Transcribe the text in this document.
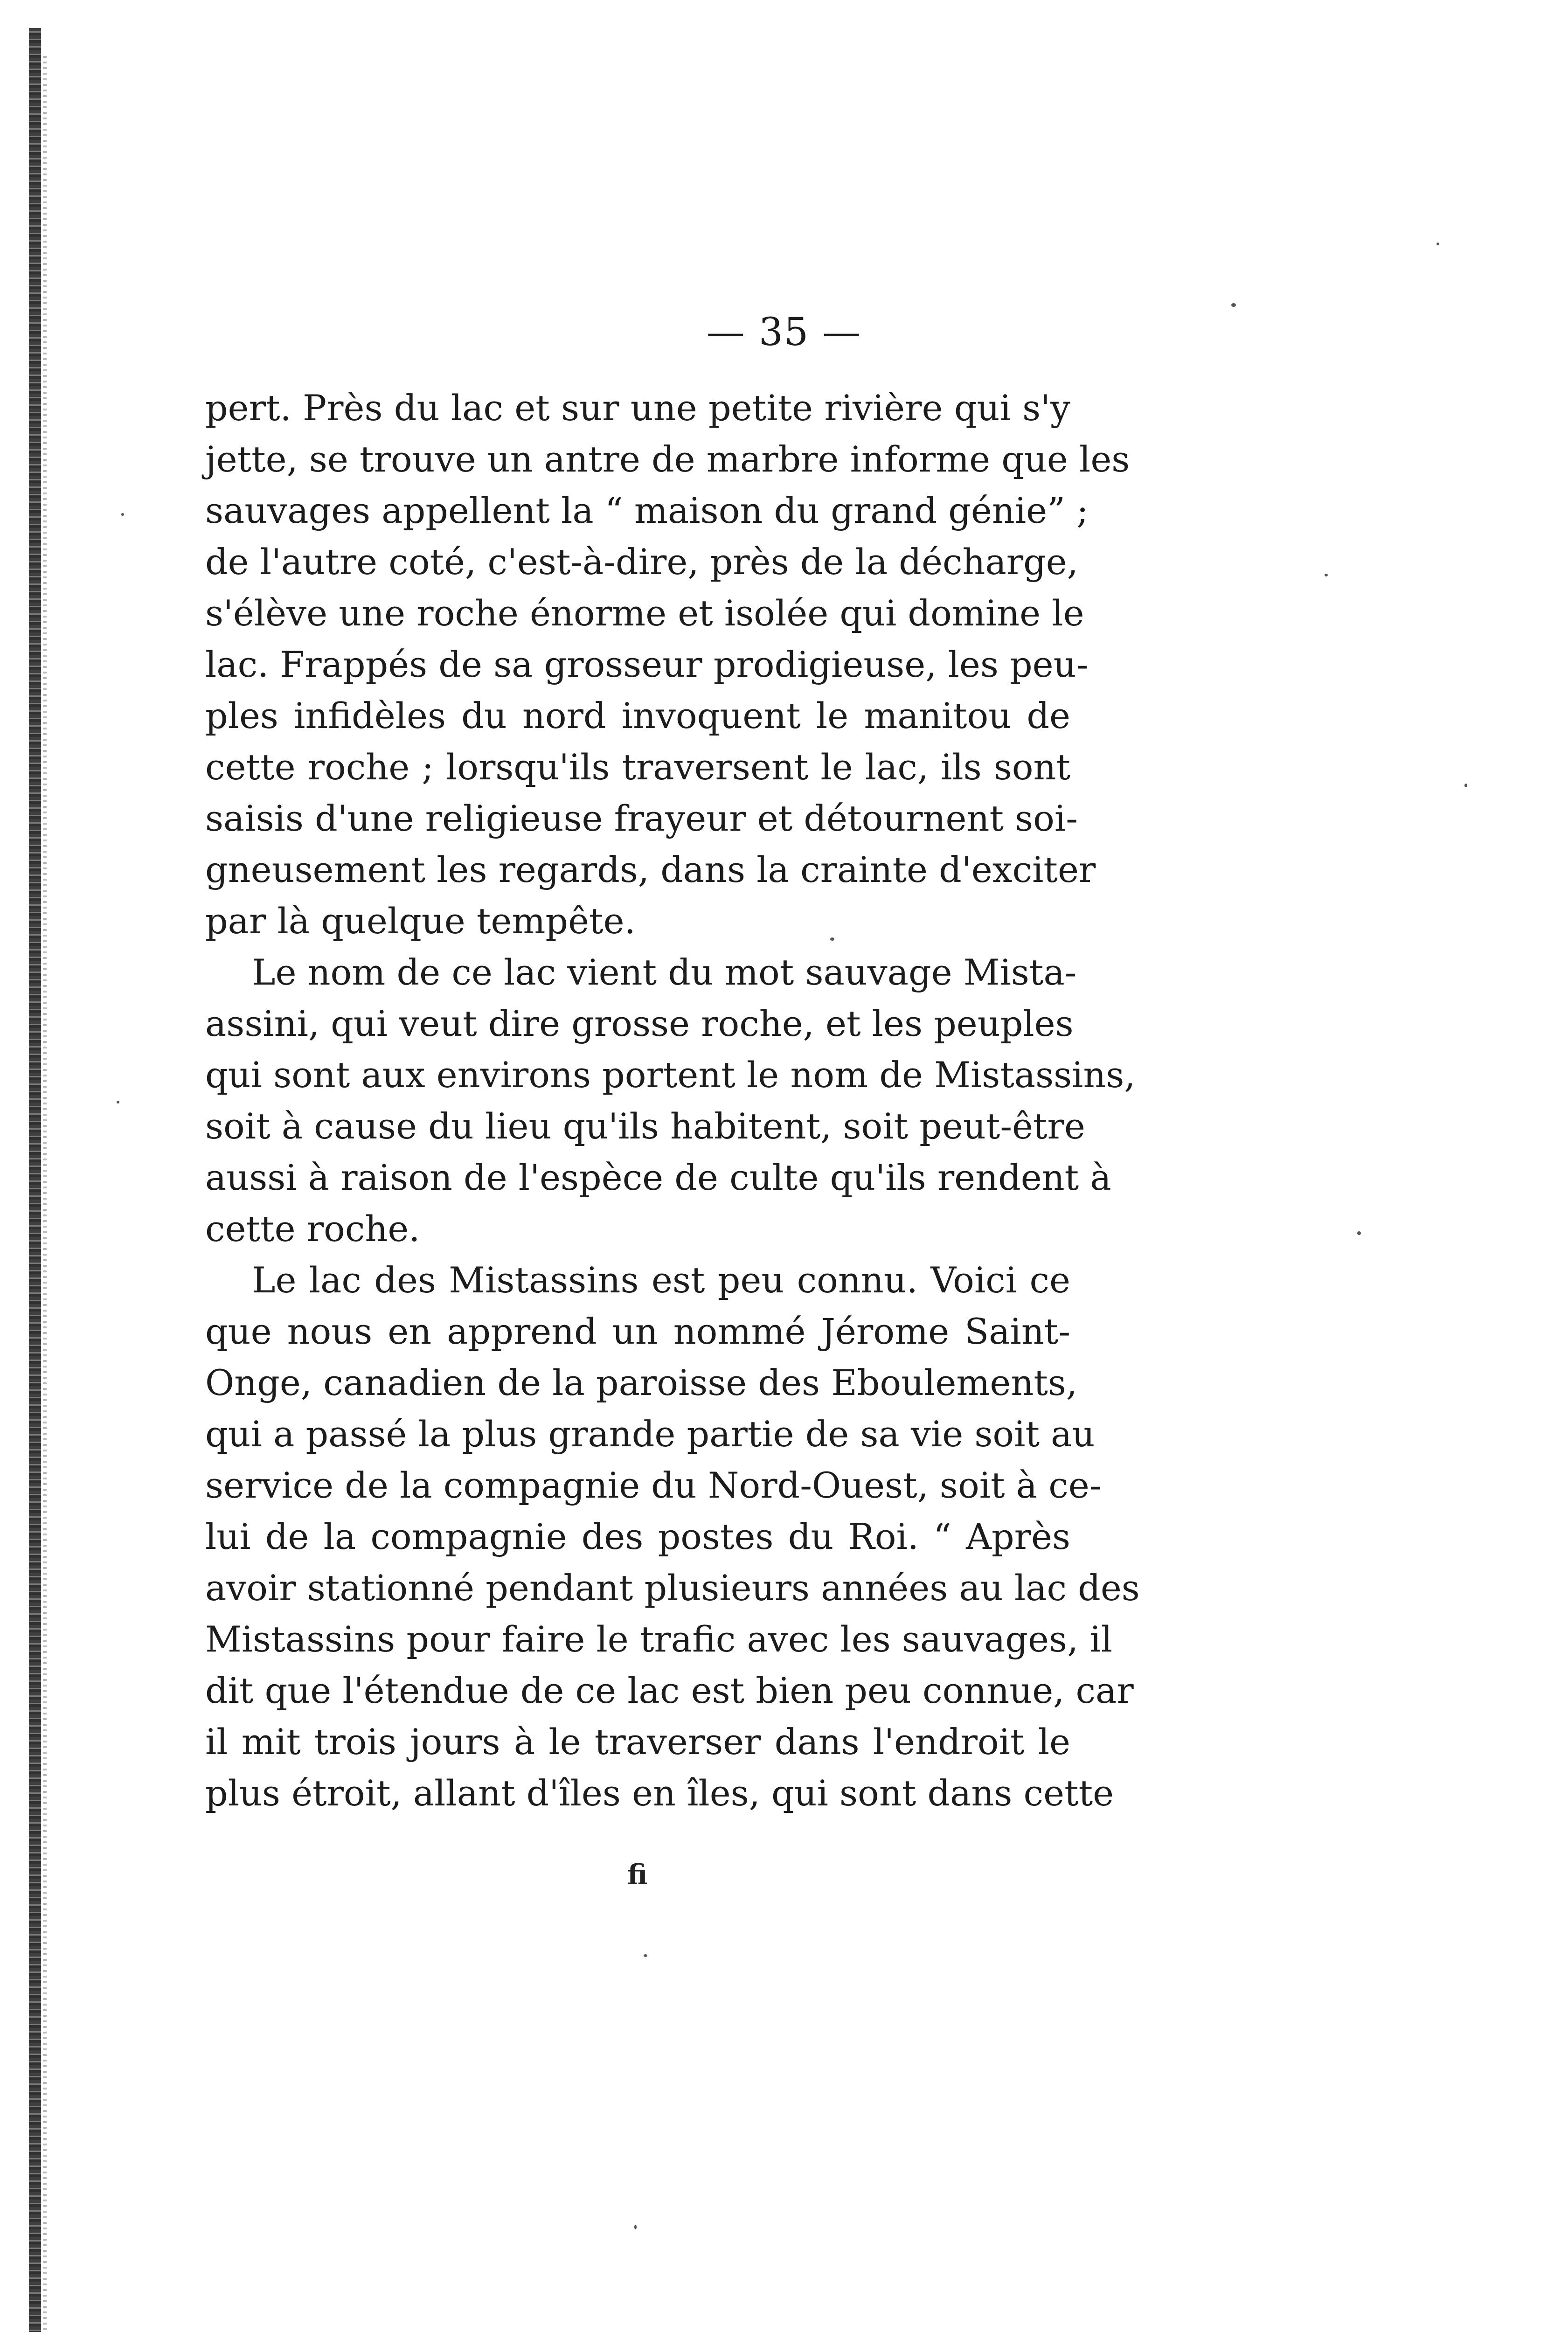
— 35 —
pert. Près du lac et sur une petite rivière qui s'y
jette, se trouve un antre de marbre informe que les
sauvages appellent la “ maison du grand génie” ;
de l'autre coté, c'est-à-dire, près de la décharge,
s'élève une roche énorme et isolée qui domine le
lac. Frappés de sa grosseur prodigieuse, les peu-
ples infidèles du nord invoquent le manitou de
cette roche ; lorsqu'ils traversent le lac, ils sont
saisis d'une religieuse frayeur et détournent soi-
gneusement les regards, dans la crainte d'exciter
par là quelque tempête.
Le nom de ce lac vient du mot sauvage Mista-
assini, qui veut dire grosse roche, et les peuples
qui sont aux environs portent le nom de Mistassins,
soit à cause du lieu qu'ils habitent, soit peut-être
aussi à raison de l'espèce de culte qu'ils rendent à
cette roche.
Le lac des Mistassins est peu connu. Voici ce
que nous en apprend un nommé Jérome Saint-
Onge, canadien de la paroisse des Eboulements,
qui a passé la plus grande partie de sa vie soit au
service de la compagnie du Nord-Ouest, soit à ce-
lui de la compagnie des postes du Roi. “ Après
avoir stationné pendant plusieurs années au lac des
Mistassins pour faire le trafic avec les sauvages, il
dit que l'étendue de ce lac est bien peu connue, car
il mit trois jours à le traverser dans l'endroit le
plus étroit, allant d'îles en îles, qui sont dans cette
ﬁ
